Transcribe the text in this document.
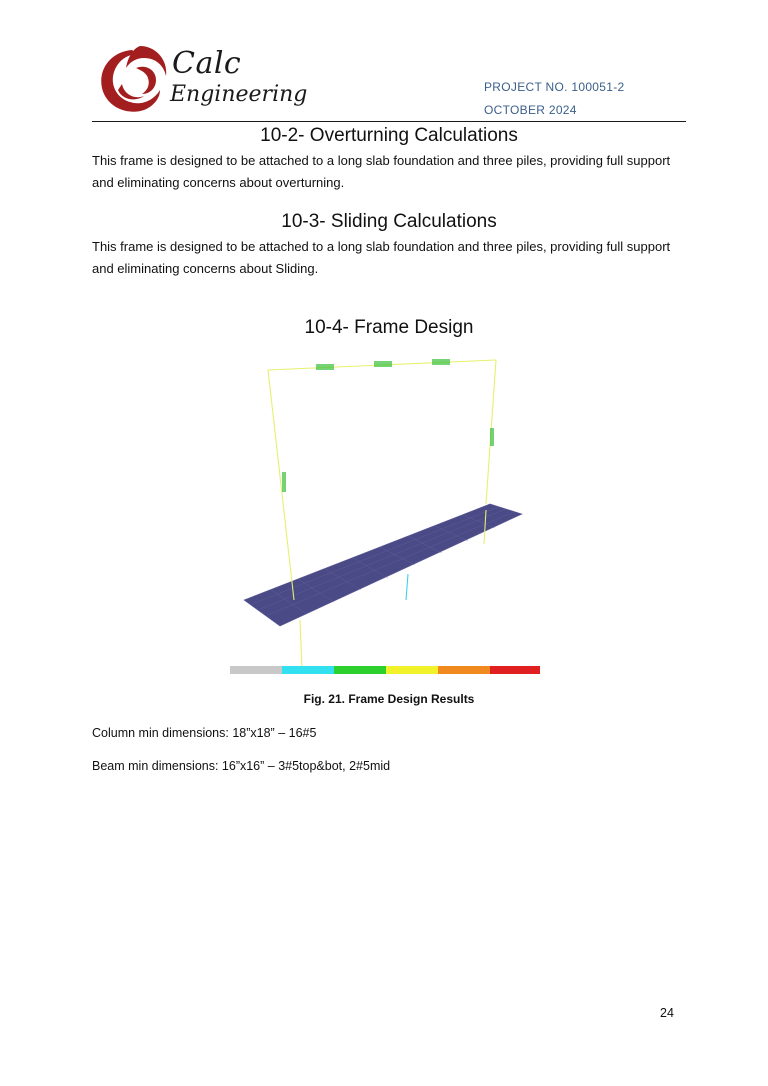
Calc
Engineering	PROJECT NO. 100051-2
OCTOBER 2024
10-2- Overturning Calculations

This frame is designed to be attached to a long slab foundation and three piles, providing full support and eliminating concerns about overturning.

10-3- Sliding Calculations

This frame is designed to be attached to a long slab foundation and three piles, providing full support and eliminating concerns about Sliding.

10-4- Frame Design
Fig. 21. Frame Design Results
Column min dimensions: 18”x18” – 16#5
Beam min dimensions: 16”x16” – 3#5top&bot, 2#5mid
24
